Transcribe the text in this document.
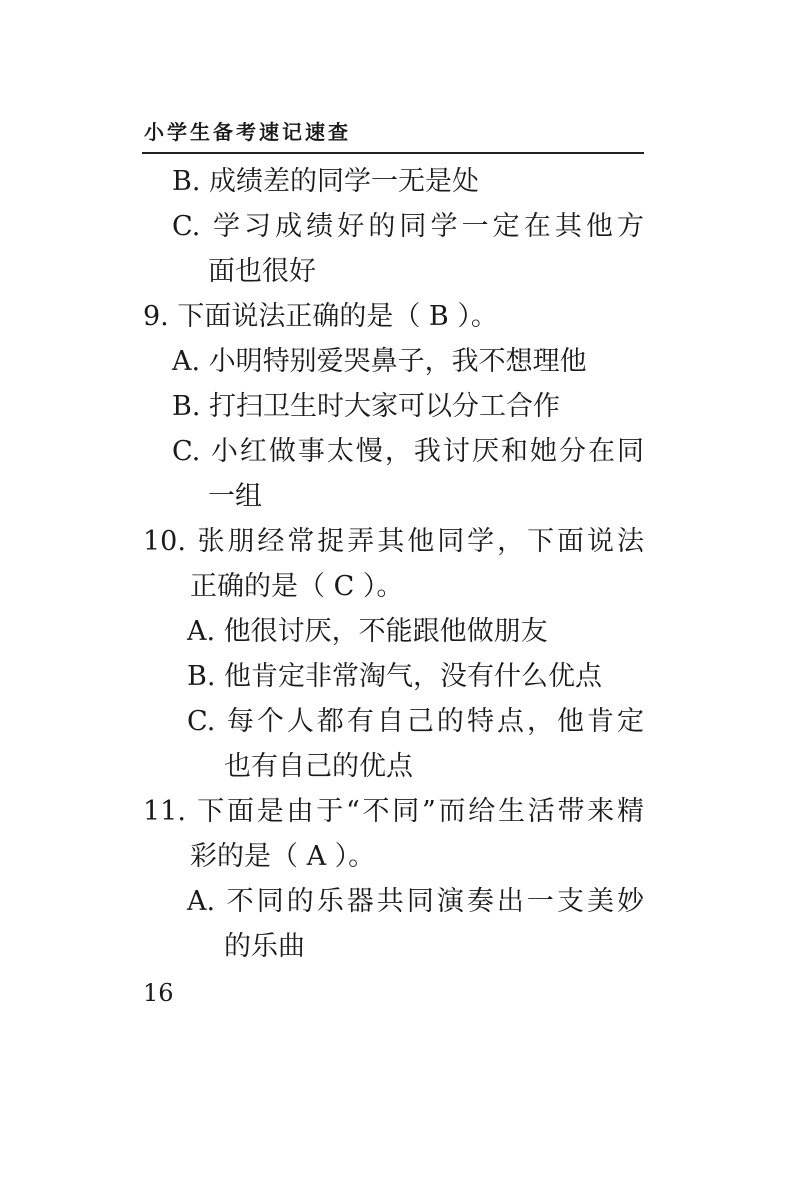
小学生备考速记速查
B. 成绩差的同学一无是处
C. 学习成绩好的同学一定在其他方
面也很好
9. 下面说法正确的是（ B ）。
A. 小明特别爱哭鼻子，我不想理他
B. 打扫卫生时大家可以分工合作
C. 小红做事太慢，我讨厌和她分在同
一组
10. 张朋经常捉弄其他同学，下面说法
正确的是（ C ）。
A. 他很讨厌，不能跟他做朋友
B. 他肯定非常淘气，没有什么优点
C. 每个人都有自己的特点，他肯定
也有自己的优点
11. 下面是由于“不同”而给生活带来精
彩的是（ A ）。
A. 不同的乐器共同演奏出一支美妙
的乐曲
16
